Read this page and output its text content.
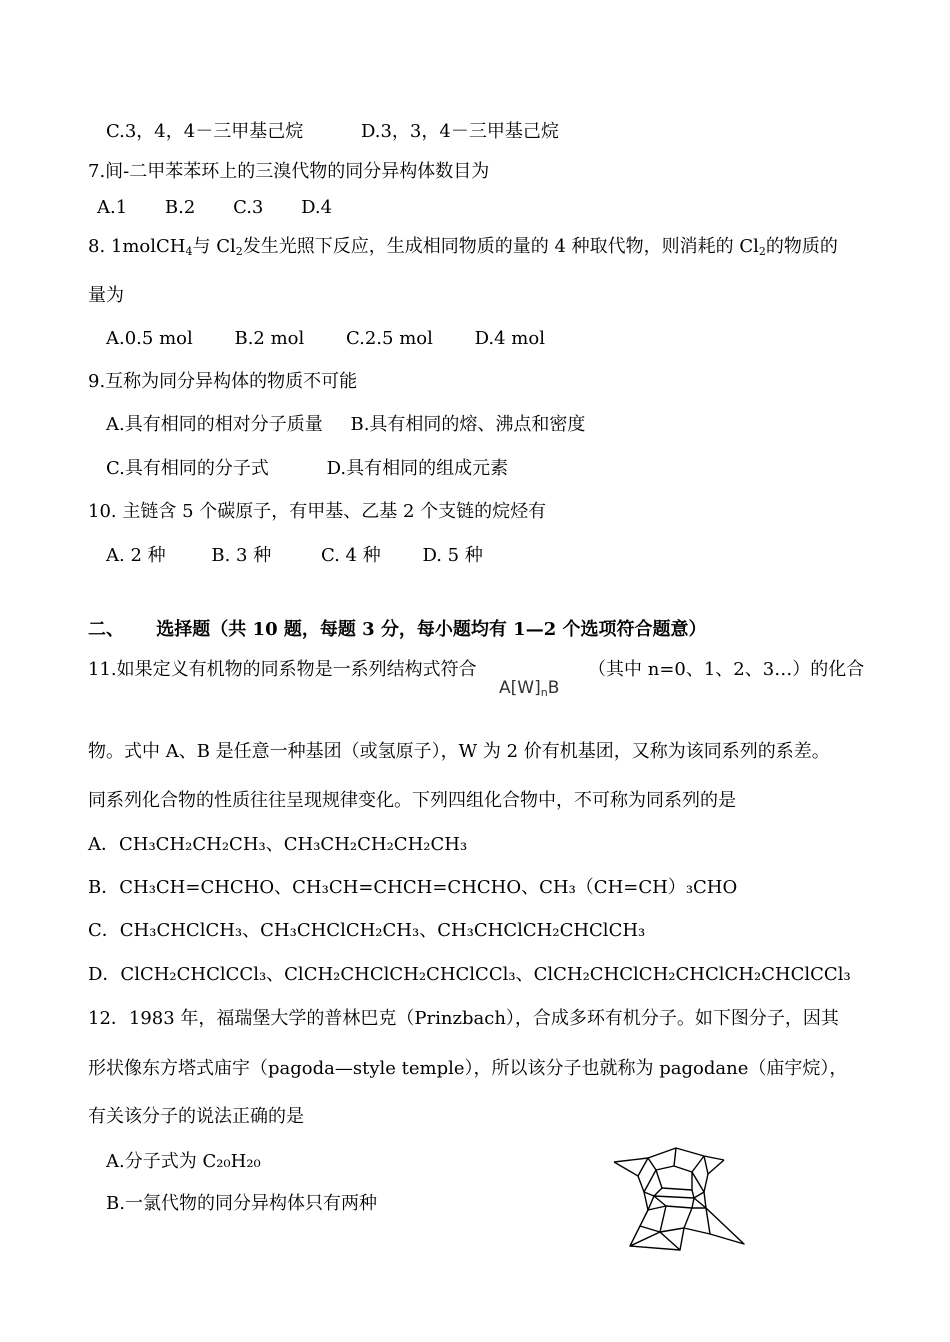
C.3，4，4－三甲基己烷	D.3，3，4－三甲基己烷
7.间-二甲苯苯环上的三溴代物的同分异构体数目为
A.1 B.2 C.3 D.4
8. 1molCH$_4$与 $Cl_2$发生光照下反应，生成相同物质的量的 4 种取代物，则消耗的 $Cl_2$的物质的
量为
A.0.5 mol B.2 mol C.2.5 mol D.4 mol
9.互称为同分异构体的物质不可能
A.具有相同的相对分子质量 B.具有相同的熔、沸点和密度
C.具有相同的分子式	D.具有相同的组成元素
10. 主链含 5 个碳原子，有甲基、乙基 2 个支链的烷烃有
A. 2 种	B. 3 种	C. 4 种 D. 5 种
二、 选择题（共 10 题，每题 3 分，每小题均有 1—2 个选项符合题意）
11.如果定义有机物的同系物是一系列结构式符合
$A[W]_nB$
（其中 n=0、1、2、3…）的化合
物。式中 A、B 是任意一种基团（或氢原子），W 为 2 价有机基团，又称为该同系列的系差。
同系列化合物的性质往往呈现规律变化。下列四组化合物中，不可称为同系列的是
A．CH₃CH₂CH₂CH₃、CH₃CH₂CH₂CH₂CH₃
B．CH₃CH=CHCHO、CH₃CH=CHCH=CHCHO、CH₃（CH=CH）₃CHO
C．CH₃CHClCH₃、CH₃CHClCH₂CH₃、CH₃CHClCH₂CHClCH₃
D．ClCH₂CHClCCl₃、ClCH₂CHClCH₂CHClCCl₃、ClCH₂CHClCH₂CHClCH₂CHClCCl₃
12．1983 年，福瑞堡大学的普林巴克（Prinzbach），合成多环有机分子。如下图分子，因其
形状像东方塔式庙宇（pagoda—style temple），所以该分子也就称为 pagodane（庙宇烷），
有关该分子的说法正确的是
A.分子式为 C₂₀H₂₀
B.一氯代物的同分异构体只有两种
